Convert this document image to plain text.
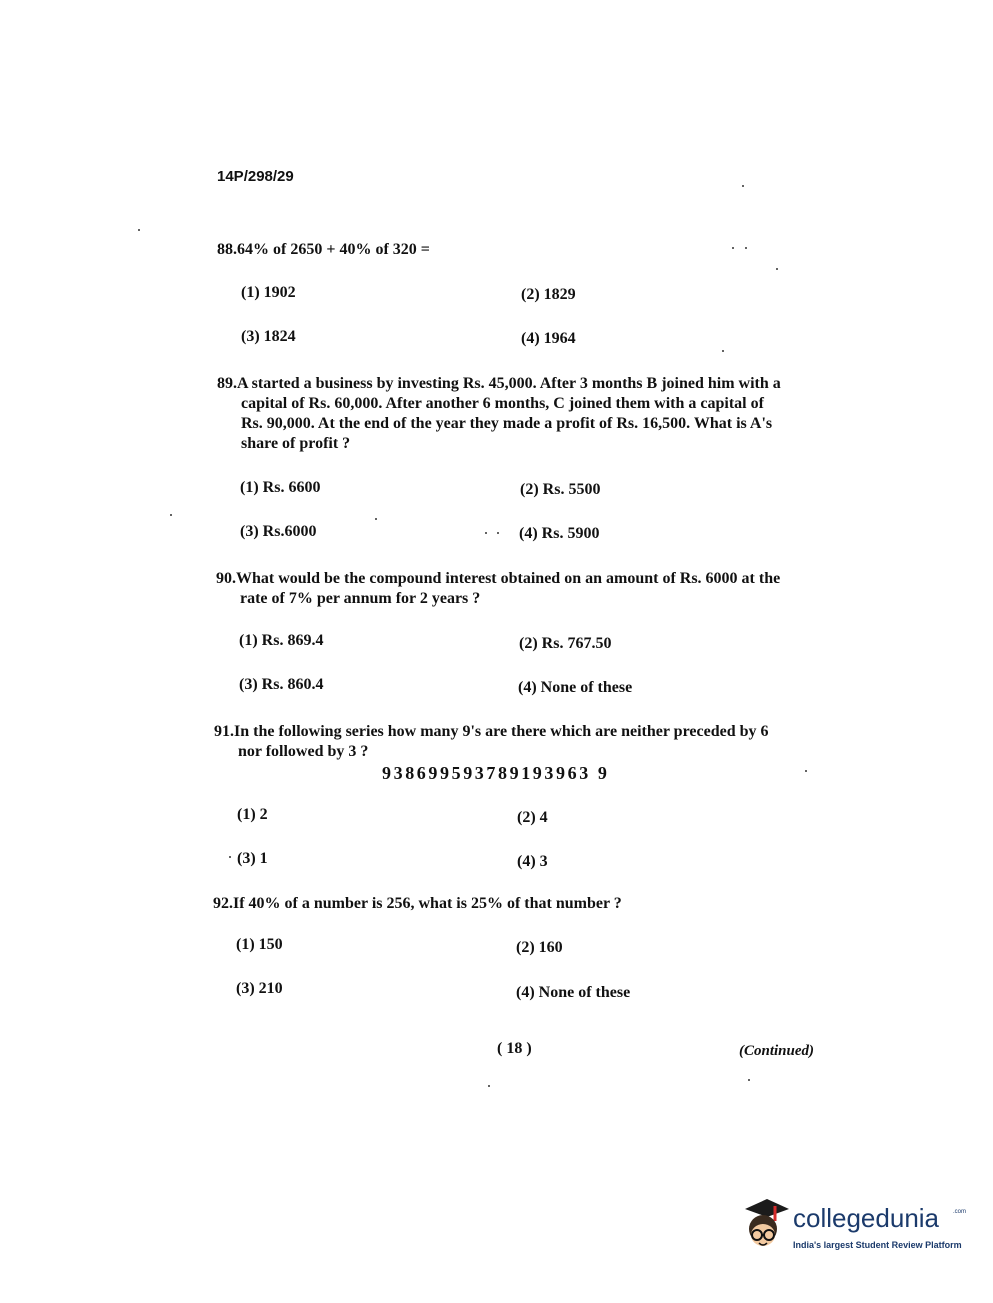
14P/298/29
88.64% of 2650 + 40% of 320 =
(1) 1902	(2) 1829
(3) 1824	(4) 1964
89.A started a business by investing Rs. 45,000. After 3 months B joined him with a
capital of Rs. 60,000. After another 6 months, C joined them with a capital of
Rs. 90,000. At the end of the year they made a profit of Rs. 16,500. What is A's
share of profit ?
(1) Rs. 6600	(2) Rs. 5500
(3) Rs.6000	(4) Rs. 5900
90.What would be the compound interest obtained on an amount of Rs. 6000 at the
rate of 7% per annum for 2 years ?
(1) Rs. 869.4	(2) Rs. 767.50
(3) Rs. 860.4	(4) None of these
91.In the following series how many 9's are there which are neither preceded by 6
nor followed by 3 ?
938699593789193963 9
(1) 2	(2) 4
(3) 1	(4) 3
92.If 40% of a number is 256, what is 25% of that number ?
(1) 150	(2) 160
(3) 210	(4) None of these
( 18 )	(Continued)
collegedunia .com
India's largest Student Review Platform
